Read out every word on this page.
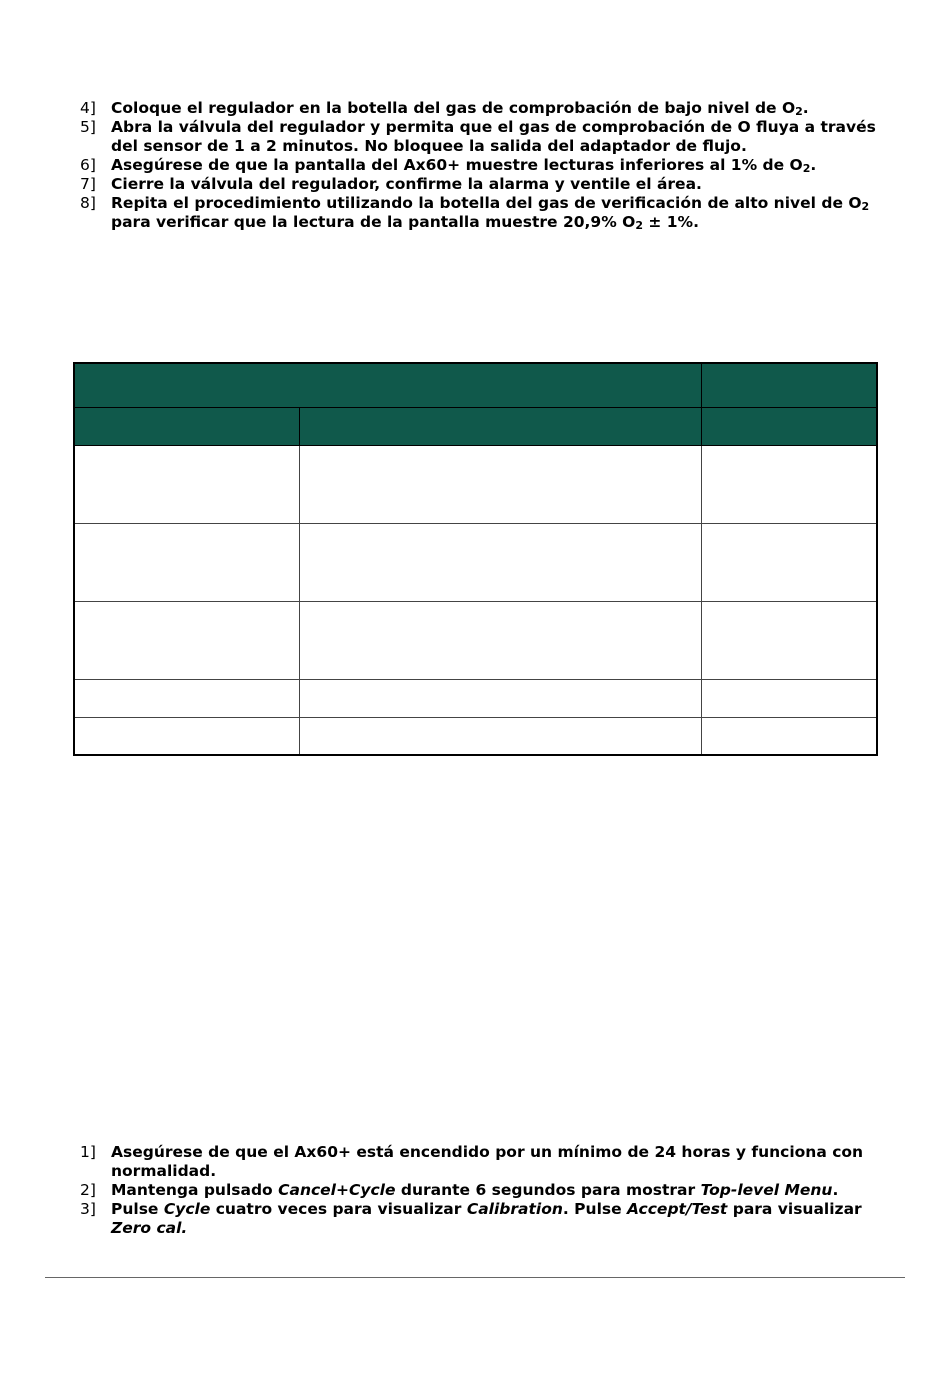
4] Coloque el regulador en la botella del gas de comprobación de bajo nivel de $O_2$.
5] Abra la válvula del regulador y permita que el gas de comprobación de O fluya a través del sensor de 1 a 2 minutos. No bloquee la salida del adaptador de flujo.
6] Asegúrese de que la pantalla del Ax60+ muestre lecturas inferiores al 1% de $O_2$.
7] Cierre la válvula del regulador, confirme la alarma y ventile el área.
8] Repita el procedimiento utilizando la botella del gas de verificación de alto nivel de $O_2$ para verificar que la lectura de la pantalla muestre 20,9% $O_2 \pm 1\%$.

1] Asegúrese de que el Ax60+ está encendido por un mínimo de 24 horas y funciona con normalidad.
2] Mantenga pulsado Cancel+Cycle durante 6 segundos para mostrar Top-level Menu.
3] Pulse Cycle cuatro veces para visualizar Calibration. Pulse Accept/Test para visualizar Zero cal.
